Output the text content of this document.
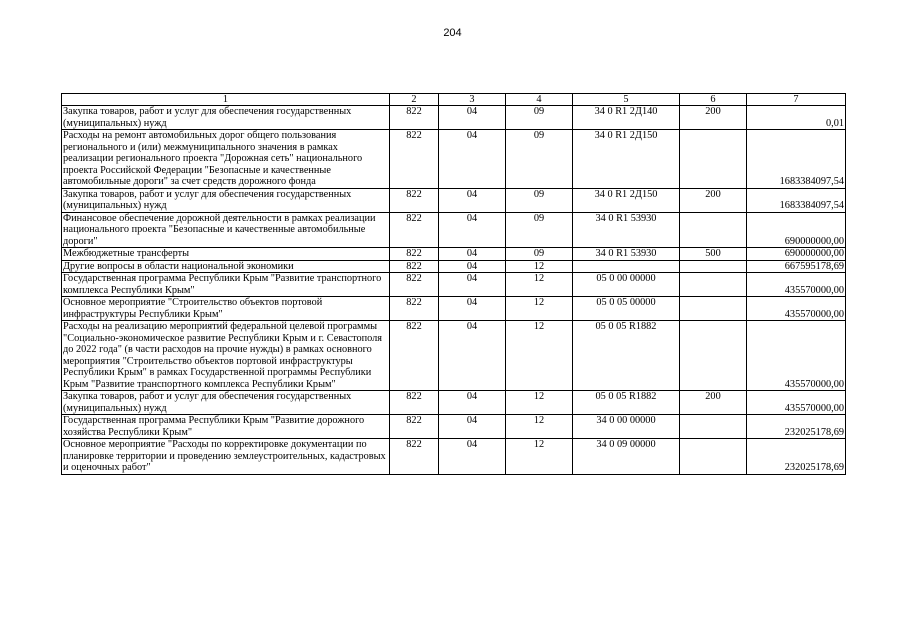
204
1	2	3	4	5	6	7
Закупка товаров, работ и услуг для обеспечения государственных (муниципальных) нужд	822	04	09	34 0 R1 2Д140	200	0,01
Расходы на ремонт автомобильных дорог общего пользования регионального и (или) межмуниципального значения в рамках реализации регионального проекта "Дорожная сеть" национального проекта Российской Федерации "Безопасные и качественные автомобильные дороги" за счет средств дорожного фонда	822	04	09	34 0 R1 2Д150		1683384097,54
Закупка товаров, работ и услуг для обеспечения государственных (муниципальных) нужд	822	04	09	34 0 R1 2Д150	200	1683384097,54
Финансовое обеспечение дорожной деятельности в рамках реализации национального проекта "Безопасные и качественные автомобильные дороги"	822	04	09	34 0 R1 53930		690000000,00
Межбюджетные трансферты	822	04	09	34 0 R1 53930	500	690000000,00
Другие вопросы в области национальной экономики	822	04	12			667595178,69
Государственная программа Республики Крым "Развитие транспортного комплекса Республики Крым"	822	04	12	05 0 00 00000		435570000,00
Основное мероприятие "Строительство объектов портовой инфраструктуры Республики Крым"	822	04	12	05 0 05 00000		435570000,00
Расходы на реализацию мероприятий федеральной целевой программы "Социально-экономическое развитие Республики Крым и г. Севастополя до 2022 года" (в части расходов на прочие нужды) в рамках основного мероприятия "Строительство объектов портовой инфраструктуры Республики Крым" в рамках Государственной программы Республики Крым "Развитие транспортного комплекса Республики Крым"	822	04	12	05 0 05 R1882		435570000,00
Закупка товаров, работ и услуг для обеспечения государственных (муниципальных) нужд	822	04	12	05 0 05 R1882	200	435570000,00
Государственная программа Республики Крым "Развитие дорожного хозяйства Республики Крым"	822	04	12	34 0 00 00000		232025178,69
Основное мероприятие "Расходы по корректировке документации по планировке территории и проведению землеустроительных, кадастровых и оценочных работ"	822	04	12	34 0 09 00000		232025178,69
